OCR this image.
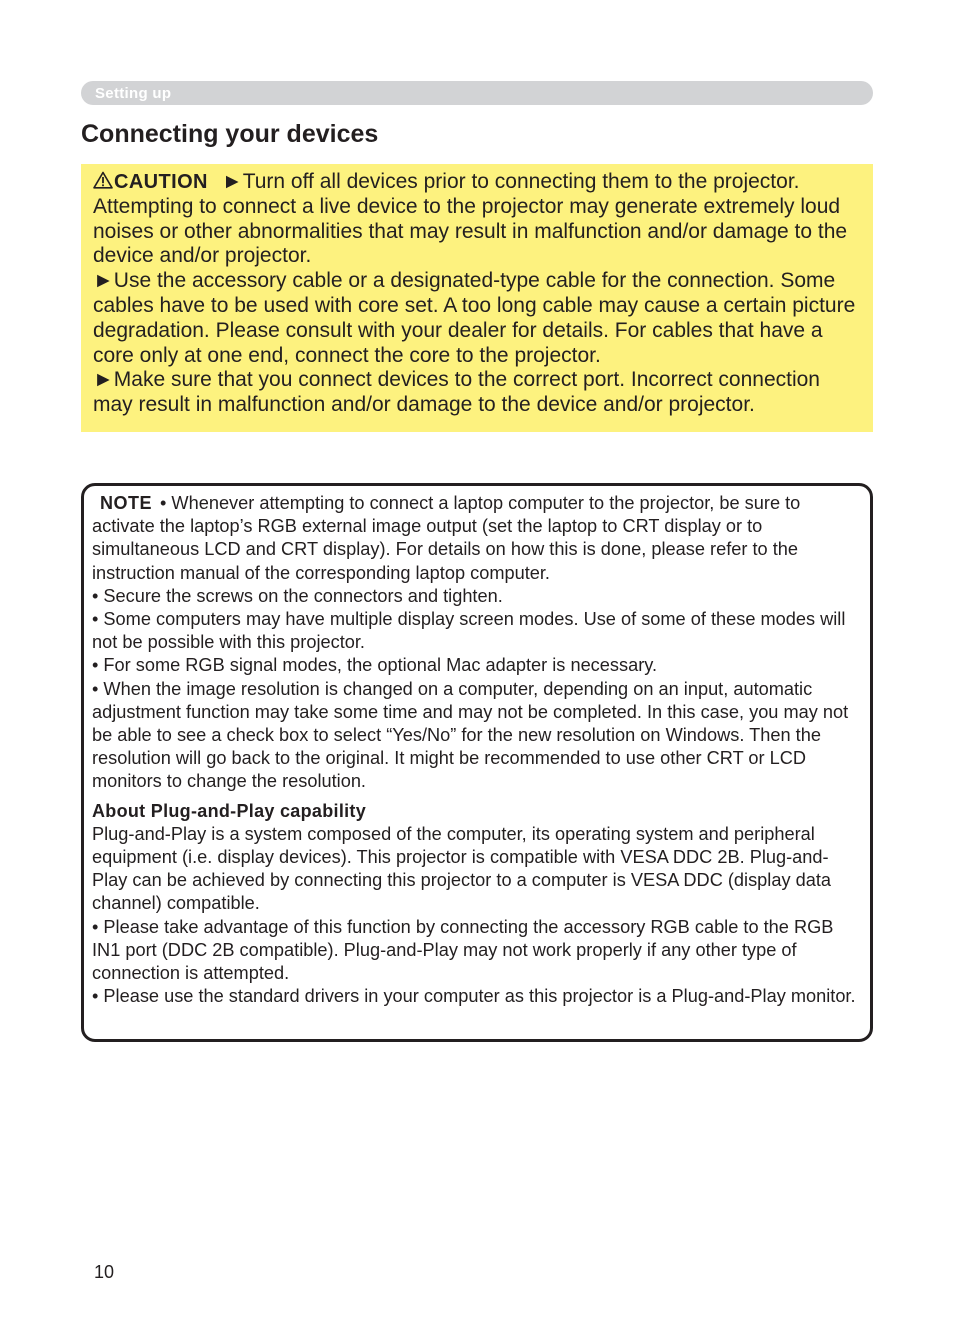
Setting up
Connecting your devices

CAUTION ►Turn off all devices prior to connecting them to the projector. Attempting to connect a live device to the projector may generate extremely loud noises or other abnormalities that may result in malfunction and/or damage to the device and/or projector.

►Use the accessory cable or a designated-type cable for the connection. Some cables have to be used with core set. A too long cable may cause a certain picture degradation. Please consult with your dealer for details. For cables that have a core only at one end, connect the core to the projector.

►Make sure that you connect devices to the correct port. Incorrect connection may result in malfunction and/or damage to the device and/or projector.

NOTE • Whenever attempting to connect a laptop computer to the projector, be sure to activate the laptop’s RGB external image output (set the laptop to CRT display or to simultaneous LCD and CRT display). For details on how this is done, please refer to the instruction manual of the corresponding laptop computer.

• Secure the screws on the connectors and tighten.

• Some computers may have multiple display screen modes. Use of some of these modes will not be possible with this projector.

• For some RGB signal modes, the optional Mac adapter is necessary.

• When the image resolution is changed on a computer, depending on an input, automatic adjustment function may take some time and may not be completed. In this case, you may not be able to see a check box to select “Yes/No” for the new resolution on Windows. Then the resolution will go back to the original. It might be recommended to use other CRT or LCD monitors to change the resolution.

About Plug-and-Play capability

Plug-and-Play is a system composed of the computer, its operating system and peripheral equipment (i.e. display devices). This projector is compatible with VESA DDC 2B. Plug-and-Play can be achieved by connecting this projector to a computer is VESA DDC (display data channel) compatible.

• Please take advantage of this function by connecting the accessory RGB cable to the RGB IN1 port (DDC 2B compatible). Plug-and-Play may not work properly if any other type of connection is attempted.

• Please use the standard drivers in your computer as this projector is a Plug-and-Play monitor.

10
